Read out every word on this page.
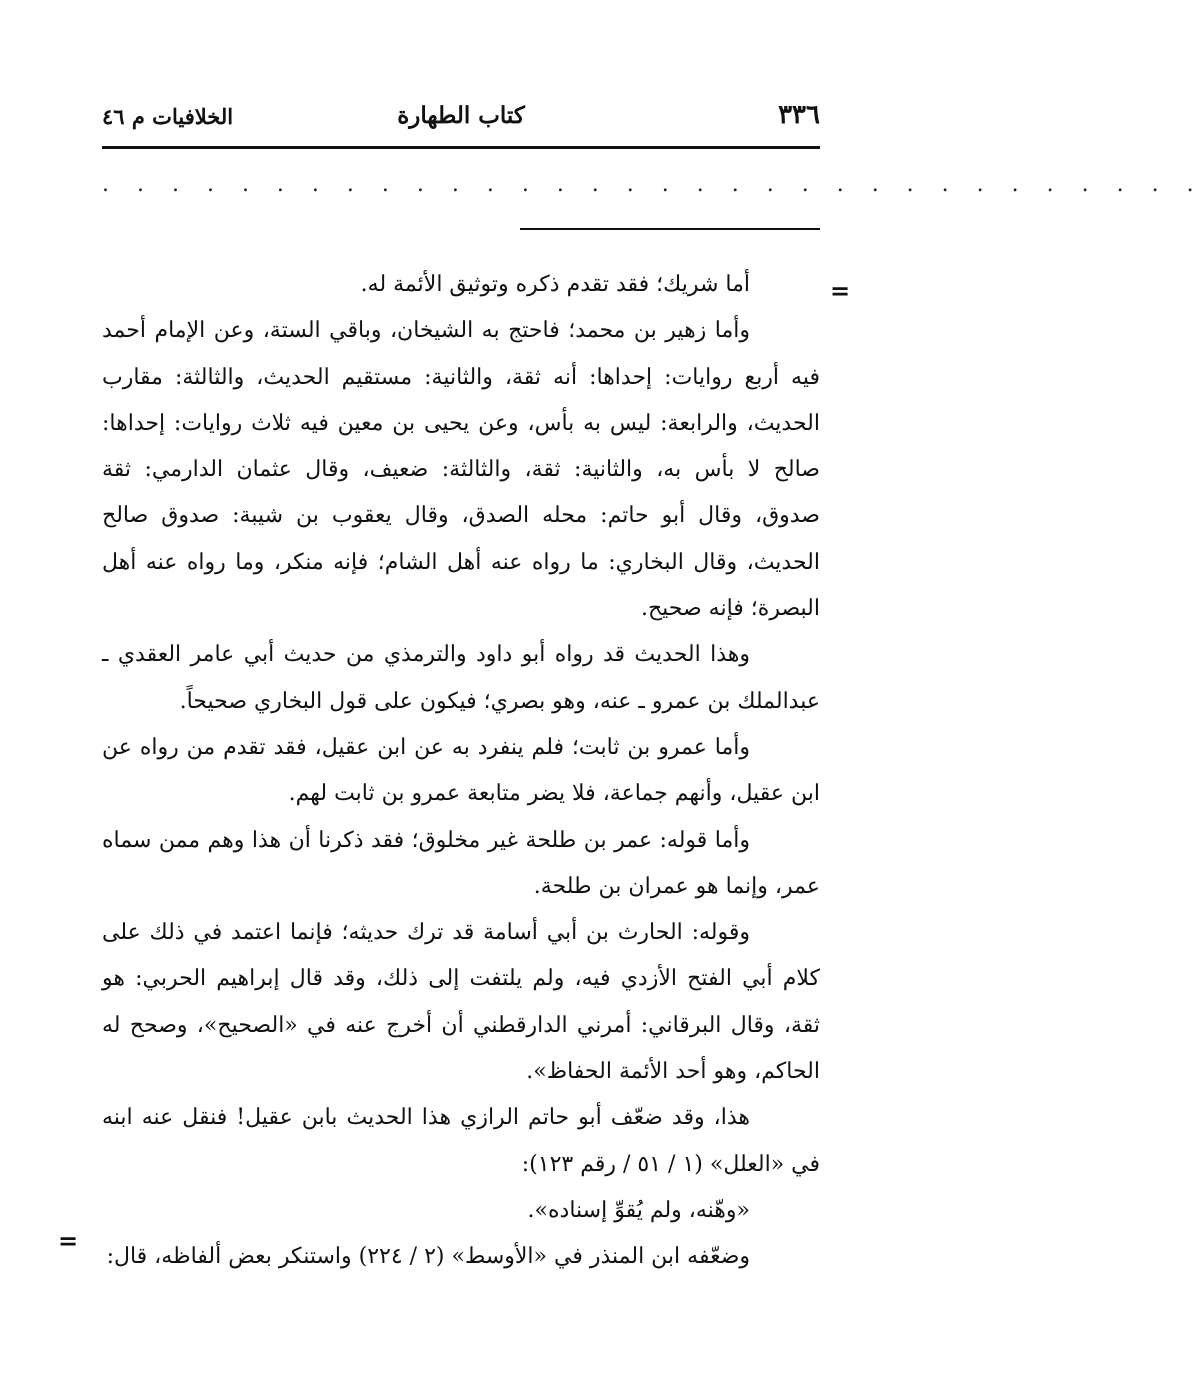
٣٣٦
كتاب الطهارة
الخلافيات م ٤٦
. . . . . . . . . . . . . . . . . . . . . . . . . . . . . . . .
=
=

أما شريك؛ فقد تقدم ذكره وتوثيق الأئمة له.

وأما زهير بن محمد؛ فاحتج به الشيخان، وباقي الستة، وعن الإمام أحمد فيه أربع روايات: إحداها: أنه ثقة، والثانية: مستقيم الحديث، والثالثة: مقارب الحديث، والرابعة: ليس به بأس، وعن يحيى بن معين فيه ثلاث روايات: إحداها: صالح لا بأس به، والثانية: ثقة، والثالثة: ضعيف، وقال عثمان الدارمي: ثقة صدوق، وقال أبو حاتم: محله الصدق، وقال يعقوب بن شيبة: صدوق صالح الحديث، وقال البخاري: ما رواه عنه أهل الشام؛ فإنه منكر، وما رواه عنه أهل البصرة؛ فإنه صحيح.

وهذا الحديث قد رواه أبو داود والترمذي من حديث أبي عامر العقدي ـ عبدالملك بن عمرو ـ عنه، وهو بصري؛ فيكون على قول البخاري صحيحاً.

وأما عمرو بن ثابت؛ فلم ينفرد به عن ابن عقيل، فقد تقدم من رواه عن ابن عقيل، وأنهم جماعة، فلا يضر متابعة عمرو بن ثابت لهم.

وأما قوله: عمر بن طلحة غير مخلوق؛ فقد ذكرنا أن هذا وهم ممن سماه عمر، وإنما هو عمران بن طلحة.

وقوله: الحارث بن أبي أسامة قد ترك حديثه؛ فإنما اعتمد في ذلك على كلام أبي الفتح الأزدي فيه، ولم يلتفت إلى ذلك، وقد قال إبراهيم الحربي: هو ثقة، وقال البرقاني: أمرني الدارقطني أن أخرج عنه في «الصحيح»، وصحح له الحاكم، وهو أحد الأئمة الحفاظ».

هذا، وقد ضعّف أبو حاتم الرازي هذا الحديث بابن عقيل! فنقل عنه ابنه في «العلل» (١ / ٥١ / رقم ١٢٣):

«وهّنه، ولم يُقوِّ إسناده».

وضعّفه ابن المنذر في «الأوسط» (٢ / ٢٢٤) واستنكر بعض ألفاظه، قال:
